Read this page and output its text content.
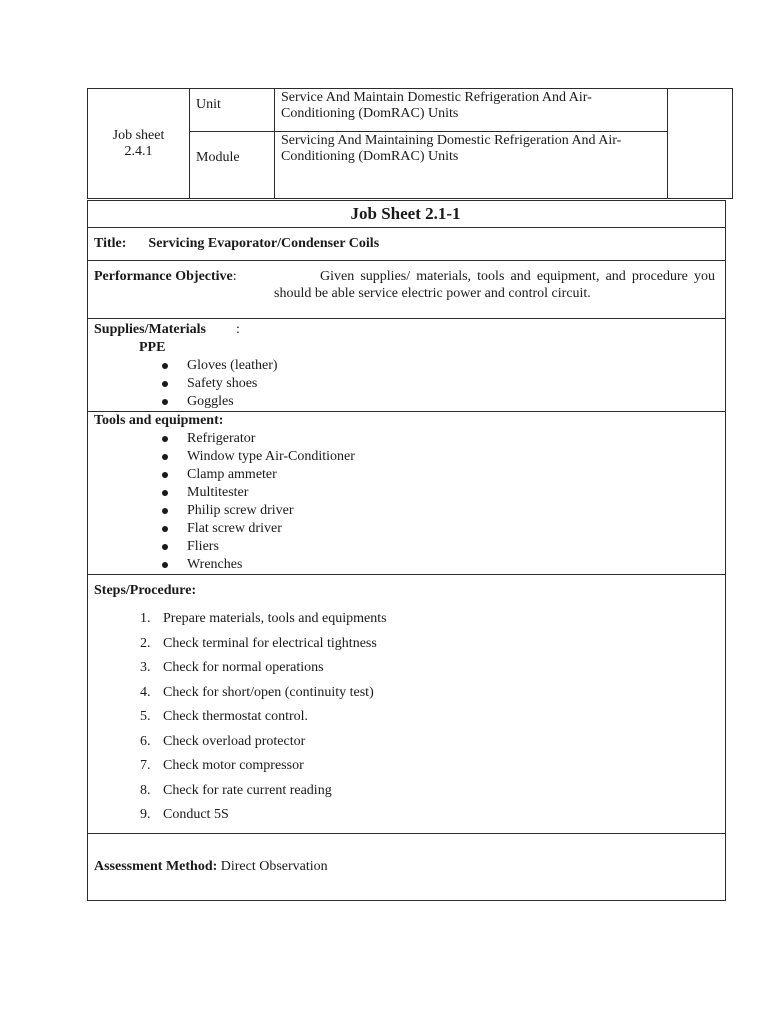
Job sheet
2.4.1	Unit	Service And Maintain Domestic Refrigeration And Air-Conditioning (DomRAC) Units	
	Module	Servicing And Maintaining Domestic Refrigeration And Air-Conditioning (DomRAC) Units	
Job Sheet 2.1-1
Title: Servicing Evaporator/Condenser Coils

Performance Objective:	Given supplies/ materials, tools and equipment, and procedure you should be able service electric power and control circuit.

Supplies/Materials :
PPE
Gloves (leather)
Safety shoes
Goggles

Tools and equipment:
Refrigerator
Window type Air-Conditioner
Clamp ammeter
Multitester
Philip screw driver
Flat screw driver
Fliers
Wrenches

Steps/Procedure:
1. Prepare materials, tools and equipments
2. Check terminal for electrical tightness
3. Check for normal operations
4. Check for short/open (continuity test)
5. Check thermostat control.
6. Check overload protector
7. Check motor compressor
8. Check for rate current reading
9. Conduct 5S

Assessment Method: Direct Observation
